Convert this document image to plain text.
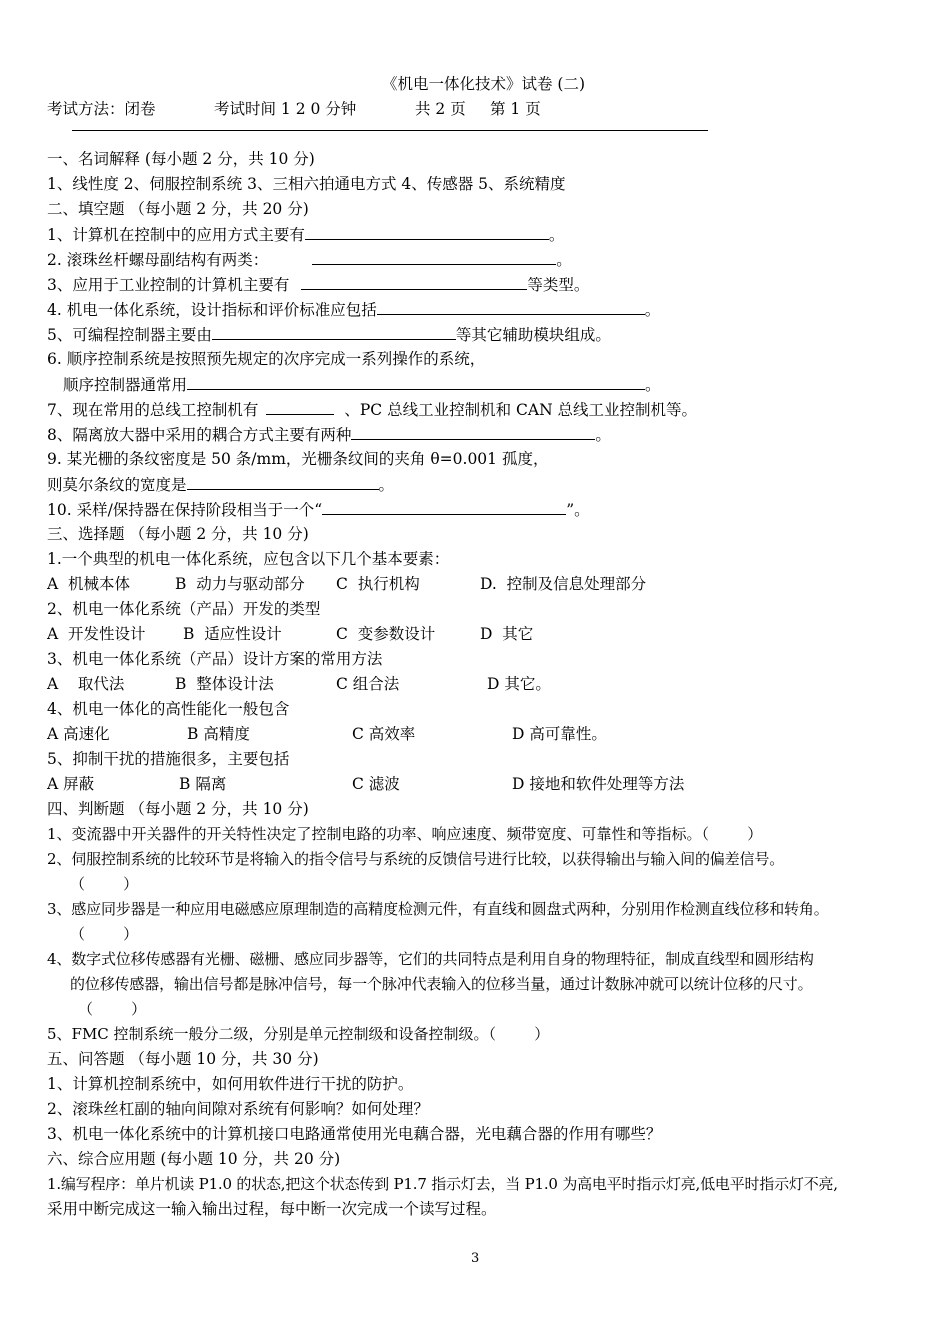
《机电一体化技术》试卷 (二)
考试方法：闭卷	考试时间 1 2 0 分钟	共 2 页 第 1 页
一、名词解释 (每小题 2 分，共 10 分)
1、线性度 2、伺服控制系统 3、三相六拍通电方式 4、传感器 5、系统精度
二、填空题 （每小题 2 分，共 20 分)
1、计算机在控制中的应用方式主要有	。
2. 滚珠丝杆螺母副结构有两类：	。
3、应用于工业控制的计算机主要有	等类型。
4. 机电一体化系统，设计指标和评价标准应包括	。
5、可编程控制器主要由	等其它辅助模块组成。
6. 顺序控制系统是按照预先规定的次序完成一系列操作的系统，
顺序控制器通常用	。
7、现在常用的总线工控制机有	、PC 总线工业控制机和 CAN 总线工业控制机等。
8、隔离放大器中采用的耦合方式主要有两种	。
9. 某光栅的条纹密度是 50 条/mm，光栅条纹间的夹角 θ=0.001 孤度，
则莫尔条纹的宽度是	。
10. 采样/保持器在保持阶段相当于一个“	”。
三、选择题 （每小题 2 分，共 10 分)
1.一个典型的机电一体化系统，应包含以下几个基本要素：
A  机械本体	B  动力与驱动部分 C  执行机构	D.  控制及信息处理部分
2、机电一体化系统（产品）开发的类型
A  开发性设计 B  适应性设计	C  变参数设计	D  其它
3、机电一体化系统（产品）设计方案的常用方法
A    取代法	B  整体设计法	C 组合法	D 其它。
4、机电一体化的高性能化一般包含
A 高速化	B 高精度	C 高效率	D 高可靠性。
5、抑制干扰的措施很多，主要包括
A 屏蔽	B 隔离	C 滤波	D 接地和软件处理等方法
四、判断题 （每小题 2 分，共 10 分)
1、变流器中开关器件的开关特性决定了控制电路的功率、响应速度、频带宽度、可靠性和等指标。（        ）
2、伺服控制系统的比较环节是将输入的指令信号与系统的反馈信号进行比较，以获得输出与输入间的偏差信号。
（        ）
3、感应同步器是一种应用电磁感应原理制造的高精度检测元件，有直线和圆盘式两种，分别用作检测直线位移和转角。
（        ）
4、数字式位移传感器有光栅、磁栅、感应同步器等，它们的共同特点是利用自身的物理特征，制成直线型和圆形结构
的位移传感器，输出信号都是脉冲信号，每一个脉冲代表输入的位移当量，通过计数脉冲就可以统计位移的尺寸。
（        ）
5、FMC 控制系统一般分二级，分别是单元控制级和设备控制级。（        ）
五、问答题 （每小题 10 分，共 30 分)
1、计算机控制系统中，如何用软件进行干扰的防护。
2、滚珠丝杠副的轴向间隙对系统有何影响？如何处理？
3、机电一体化系统中的计算机接口电路通常使用光电藕合器，光电藕合器的作用有哪些？
六、综合应用题 (每小题 10 分，共 20 分)
1.编写程序：单片机读 P1.0 的状态,把这个状态传到 P1.7 指示灯去，当 P1.0 为高电平时指示灯亮,低电平时指示灯不亮,
采用中断完成这一输入输出过程，每中断一次完成一个读写过程。
3
